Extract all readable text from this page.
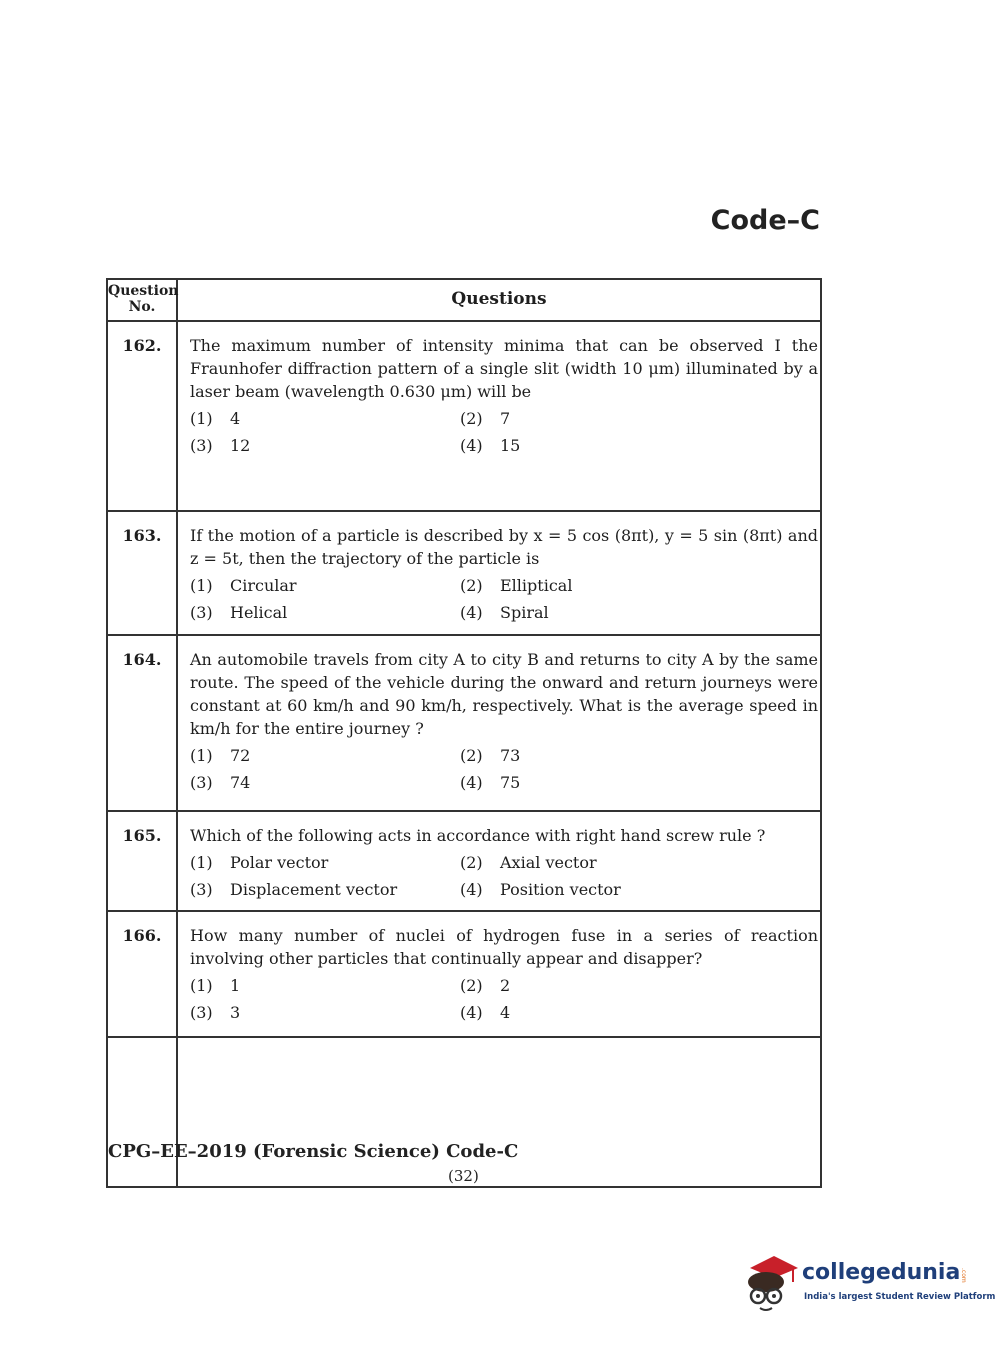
Code–C
Question
No.	Questions
162.	The maximum number of intensity minima that can be observed I the Fraunhofer diffraction pattern of a single slit (width 10 μm) illuminated by a laser beam (wavelength 0.630 μm) will be
(1) 4	(2) 7
(3) 12	(4) 15
163.	If the motion of a particle is described by x = 5 cos (8πt), y = 5 sin (8πt) and z = 5t, then the trajectory of the particle is
(1) Circular	(2) Elliptical
(3) Helical	(4) Spiral
164.	An automobile travels from city A to city B and returns to city A by the same route. The speed of the vehicle during the onward and return journeys were constant at 60 km/h and 90 km/h, respectively. What is the average speed in km/h for the entire journey ?
(1) 72	(2) 73
(3) 74	(4) 75
165.	Which of the following acts in accordance with right hand screw rule ?
(1) Polar vector	(2) Axial vector
(3) Displacement vector	(4) Position vector
166.	How many number of nuclei of hydrogen fuse in a series of reaction involving other particles that continually appear and disapper?
(1) 1	(2) 2
(3) 3	(4) 4
CPG–EE–2019 (Forensic Science) Code-C
(32)
collegedunia .com
India's largest Student Review Platform
